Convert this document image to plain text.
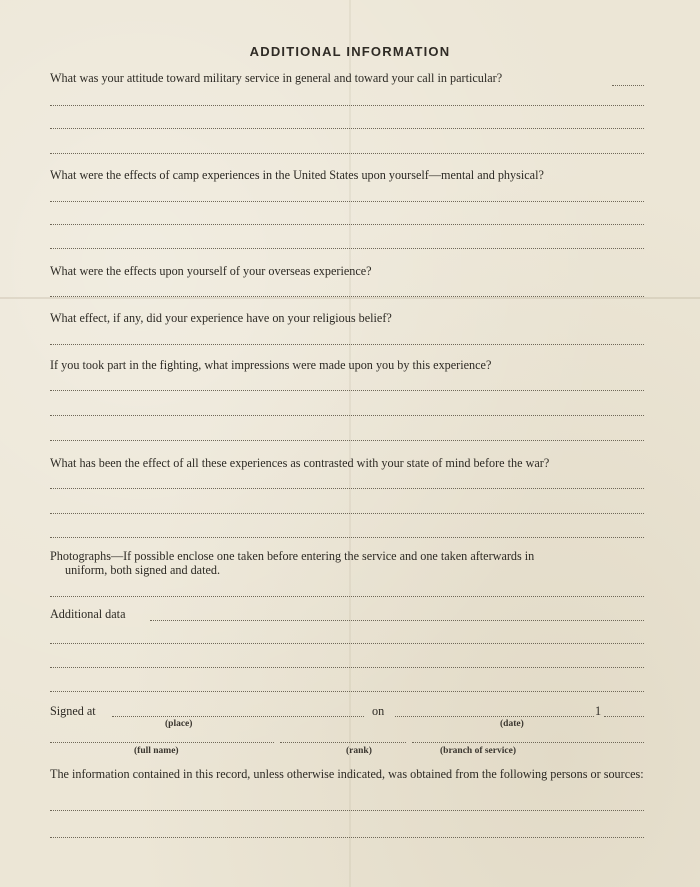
ADDITIONAL INFORMATION
What was your attitude toward military service in general and toward your call in particular?
What were the effects of camp experiences in the United States upon yourself—mental and physical?
What were the effects upon yourself of your overseas experience?
What effect, if any, did your experience have on your religious belief?
If you took part in the fighting, what impressions were made upon you by this experience?
What has been the effect of all these experiences as contrasted with your state of mind before the war?
Photographs—If possible enclose one taken before entering the service and one taken afterwards in
uniform, both signed and dated.
Additional data
Signed at	on	1
(place)	(date)
(full name)	(rank)	(branch of service)
The information contained in this record, unless otherwise indicated, was obtained from the following persons or sources:
